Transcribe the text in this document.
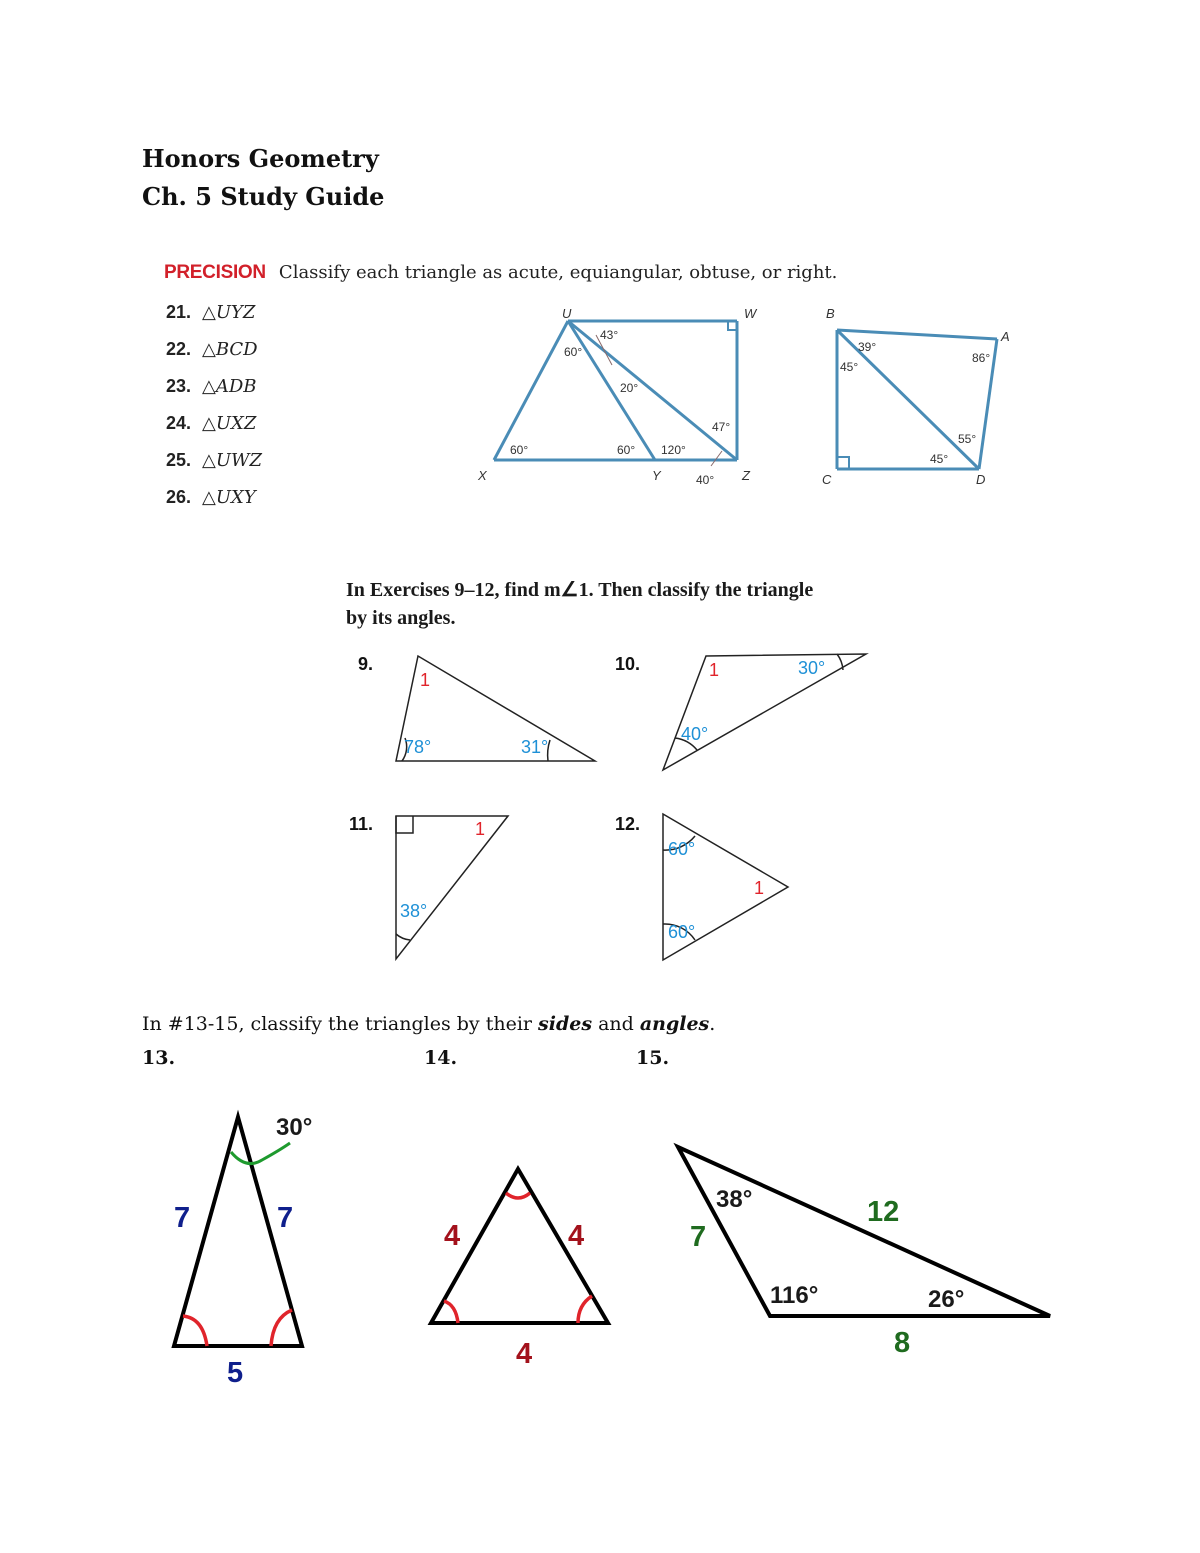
Honors Geometry
Ch. 5 Study Guide
PRECISION Classify each triangle as acute, equiangular, obtuse, or right.
21. △UYZ
22. △BCD
23. △ADB
24. △UXZ
25. △UWZ
26. △UXY
U	W
X	Y	Z
60°
43°
20°
47°
60°	60° 120°
40°
B
A
C	D
39°
45°
86°
55°
45°
In Exercises 9–12, find m∠1. Then classify the triangle
by its angles.
9.	10.
11.	12.
1
78°	31°
1	30°
40°
1
38°
1
60°
60°
In #13-15, classify the triangles by their sides and angles.
13.	14.	15.
30°
7	7
5
4	4
4
38°	12
7
116°	26°
8
